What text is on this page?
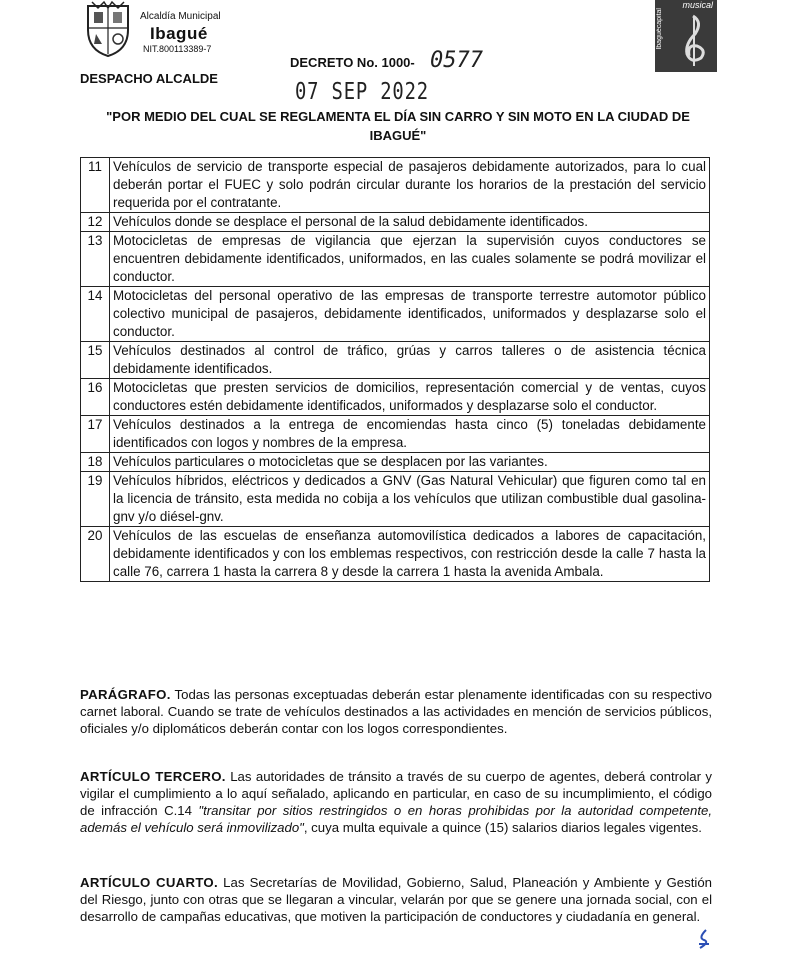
Alcaldía Municipal
Ibagué
NIT.800113389-7
DESPACHO ALCALDE
DECRETO No. 1000- 0577
07 SEP 2022
musical
Ibaguécapital
"POR MEDIO DEL CUAL SE REGLAMENTA EL DÍA SIN CARRO Y SIN MOTO EN LA CIUDAD DE IBAGUÉ"
11	Vehículos de servicio de transporte especial de pasajeros debidamente autorizados, para lo cual deberán portar el FUEC y solo podrán circular durante los horarios de la prestación del servicio requerida por el contratante.
12	Vehículos donde se desplace el personal de la salud debidamente identificados.
13	Motocicletas de empresas de vigilancia que ejerzan la supervisión cuyos conductores se encuentren debidamente identificados, uniformados, en las cuales solamente se podrá movilizar el conductor.
14	Motocicletas del personal operativo de las empresas de transporte terrestre automotor público colectivo municipal de pasajeros, debidamente identificados, uniformados y desplazarse solo el conductor.
15	Vehículos destinados al control de tráfico, grúas y carros talleres o de asistencia técnica debidamente identificados.
16	Motocicletas que presten servicios de domicilios, representación comercial y de ventas, cuyos conductores estén debidamente identificados, uniformados y desplazarse solo el conductor.
17	Vehículos destinados a la entrega de encomiendas hasta cinco (5) toneladas debidamente identificados con logos y nombres de la empresa.
18	Vehículos particulares o motocicletas que se desplacen por las variantes.
19	Vehículos híbridos, eléctricos y dedicados a GNV (Gas Natural Vehicular) que figuren como tal en la licencia de tránsito, esta medida no cobija a los vehículos que utilizan combustible dual gasolina-gnv y/o diésel-gnv.
20	Vehículos de las escuelas de enseñanza automovilística dedicados a labores de capacitación, debidamente identificados y con los emblemas respectivos, con restricción desde la calle 7 hasta la calle 76, carrera 1 hasta la carrera 8 y desde la carrera 1 hasta la avenida Ambala.
PARÁGRAFO. Todas las personas exceptuadas deberán estar plenamente identificadas con su respectivo carnet laboral. Cuando se trate de vehículos destinados a las actividades en mención de servicios públicos, oficiales y/o diplomáticos deberán contar con los logos correspondientes.
ARTÍCULO TERCERO. Las autoridades de tránsito a través de su cuerpo de agentes, deberá controlar y vigilar el cumplimiento a lo aquí señalado, aplicando en particular, en caso de su incumplimiento, el código de infracción C.14 "transitar por sitios restringidos o en horas prohibidas por la autoridad competente, además el vehículo será inmovilizado", cuya multa equivale a quince (15) salarios diarios legales vigentes.
ARTÍCULO CUARTO. Las Secretarías de Movilidad, Gobierno, Salud, Planeación y Ambiente y Gestión del Riesgo, junto con otras que se llegaran a vincular, velarán por que se genere una jornada social, con el desarrollo de campañas educativas, que motiven la participación de conductores y ciudadanía en general.
